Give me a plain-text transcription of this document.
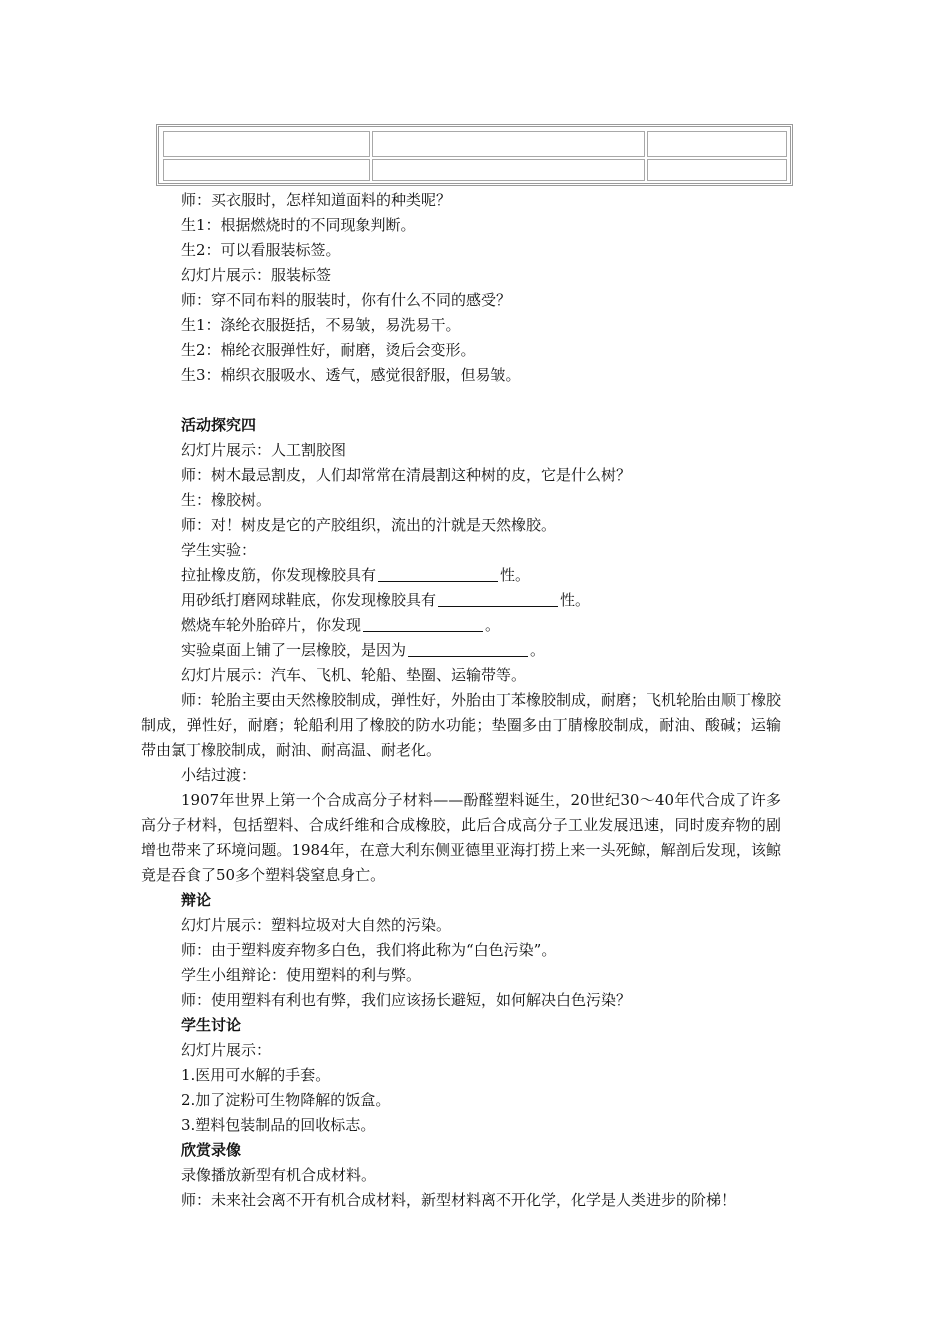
师：买衣服时，怎样知道面料的种类呢？
生1：根据燃烧时的不同现象判断。
生2：可以看服装标签。
幻灯片展示：服装标签
师：穿不同布料的服装时，你有什么不同的感受？
生1：涤纶衣服挺括，不易皱，易洗易干。
生2：棉纶衣服弹性好，耐磨，烫后会变形。
生3：棉织衣服吸水、透气，感觉很舒服，但易皱。
活动探究四
幻灯片展示：人工割胶图
师：树木最忌割皮，人们却常常在清晨割这种树的皮，它是什么树？
生：橡胶树。
师：对！树皮是它的产胶组织，流出的汁就是天然橡胶。
学生实验：
拉扯橡皮筋，你发现橡胶具有	性。
用砂纸打磨网球鞋底，你发现橡胶具有	性。
燃烧车轮外胎碎片，你发现	。
实验桌面上铺了一层橡胶，是因为	。
幻灯片展示：汽车、飞机、轮船、垫圈、运输带等。
师：轮胎主要由天然橡胶制成，弹性好，外胎由丁苯橡胶制成，耐磨；飞机轮胎由顺丁橡胶制成，弹性好，耐磨；轮船利用了橡胶的防水功能；垫圈多由丁腈橡胶制成，耐油、酸碱；运输带由氯丁橡胶制成，耐油、耐高温、耐老化。
小结过渡：
1907年世界上第一个合成高分子材料——酚醛塑料诞生，20世纪30～40年代合成了许多高分子材料，包括塑料、合成纤维和合成橡胶，此后合成高分子工业发展迅速，同时废弃物的剧增也带来了环境问题。1984年，在意大利东侧亚德里亚海打捞上来一头死鲸，解剖后发现，该鲸竟是吞食了50多个塑料袋窒息身亡。
辩论
幻灯片展示：塑料垃圾对大自然的污染。
师：由于塑料废弃物多白色，我们将此称为“白色污染”。
学生小组辩论：使用塑料的利与弊。
师：使用塑料有利也有弊，我们应该扬长避短，如何解决白色污染？
学生讨论
幻灯片展示：
1.医用可水解的手套。
2.加了淀粉可生物降解的饭盒。
3.塑料包装制品的回收标志。
欣赏录像
录像播放新型有机合成材料。
师：未来社会离不开有机合成材料，新型材料离不开化学，化学是人类进步的阶梯！
